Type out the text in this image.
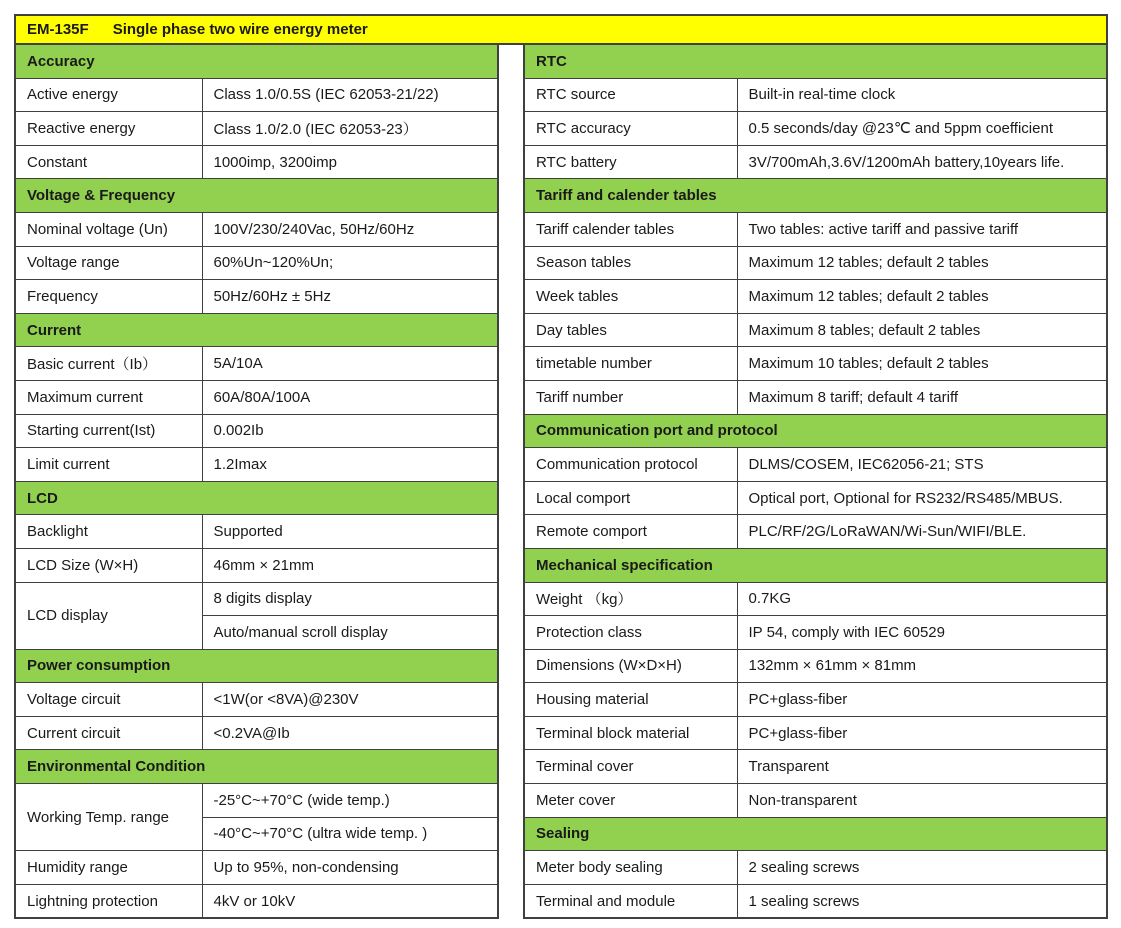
EM-135F Single phase two wire energy meter
Accuracy	
Active energy	Class 1.0/0.5S (IEC 62053-21/22)
Reactive energy	Class 1.0/2.0 (IEC 62053-23）
Constant	1000imp, 3200imp
Voltage & Frequency	
Nominal voltage (Un)	100V/230/240Vac, 50Hz/60Hz
Voltage range	60%Un~120%Un;
Frequency	50Hz/60Hz ± 5Hz
Current	
Basic current（Ib）	5A/10A
Maximum current	60A/80A/100A
Starting current(Ist)	0.002Ib
Limit current	1.2Imax
LCD	
Backlight	Supported
LCD Size (W×H)	46mm × 21mm
LCD display	8 digits display
	Auto/manual scroll display
Power consumption	
Voltage circuit	<1W(or <8VA)@230V
Current circuit	<0.2VA@Ib
Environmental Condition	
Working Temp. range	-25°C~+70°C (wide temp.)
	-40°C~+70°C (ultra wide temp. )
Humidity range	Up to 95%, non-condensing
Lightning protection	4kV or 10kV
RTC	
RTC source	Built-in real-time clock
RTC accuracy	0.5 seconds/day @23℃ and 5ppm coefficient
RTC battery	3V/700mAh,3.6V/1200mAh battery,10years life.
Tariff and calender tables	
Tariff calender tables	Two tables: active tariff and passive tariff
Season tables	Maximum 12 tables; default 2 tables
Week tables	Maximum 12 tables; default 2 tables
Day tables	Maximum 8 tables; default 2 tables
timetable number	Maximum 10 tables; default 2 tables
Tariff number	Maximum 8 tariff; default 4 tariff
Communication port and protocol	
Communication protocol	DLMS/COSEM, IEC62056-21; STS
Local comport	Optical port, Optional for RS232/RS485/MBUS.
Remote comport	PLC/RF/2G/LoRaWAN/Wi-Sun/WIFI/BLE.
Mechanical specification	
Weight （kg）	0.7KG
Protection class	IP 54, comply with IEC 60529
Dimensions (W×D×H)	132mm × 61mm × 81mm
Housing material	PC+glass-fiber
Terminal block material	PC+glass-fiber
Terminal cover	Transparent
Meter cover	Non-transparent
Sealing	
Meter body sealing	2 sealing screws
Terminal and module	1 sealing screws
